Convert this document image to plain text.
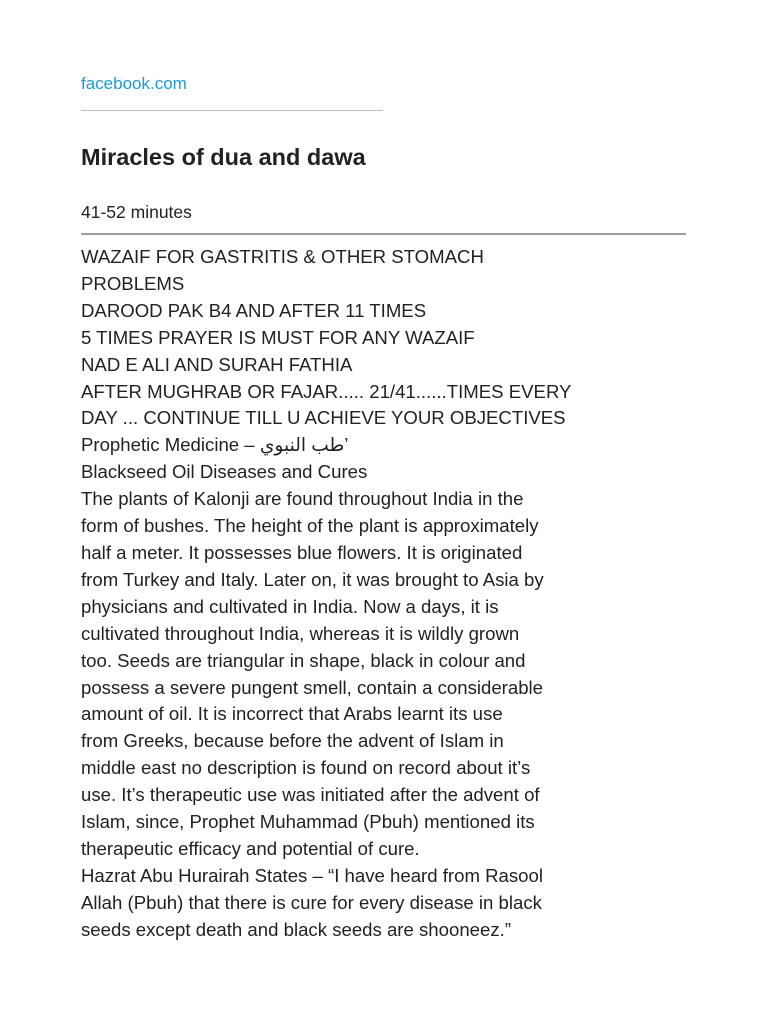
facebook.com
Miracles of dua and dawa
41-52 minutes
WAZAIF FOR GASTRITIS & OTHER STOMACH
PROBLEMS
DAROOD PAK B4 AND AFTER 11 TIMES
5 TIMES PRAYER IS MUST FOR ANY WAZAIF
NAD E ALI AND SURAH FATHIA
AFTER MUGHRAB OR FAJAR..... 21/41......TIMES EVERY
DAY ... CONTINUE TILL U ACHIEVE YOUR OBJECTIVES
Prophetic Medicine – طب النبوي’
Blackseed Oil Diseases and Cures
The plants of Kalonji are found throughout India in the
form of bushes. The height of the plant is approximately
half a meter. It possesses blue flowers. It is originated
from Turkey and Italy. Later on, it was brought to Asia by
physicians and cultivated in India. Now a days, it is
cultivated throughout India, whereas it is wildly grown
too. Seeds are triangular in shape, black in colour and
possess a severe pungent smell, contain a considerable
amount of oil. It is incorrect that Arabs learnt its use
from Greeks, because before the advent of Islam in
middle east no description is found on record about it’s
use. It’s therapeutic use was initiated after the advent of
Islam, since, Prophet Muhammad (Pbuh) mentioned its
therapeutic efficacy and potential of cure.
Hazrat Abu Hurairah States – “I have heard from Rasool
Allah (Pbuh) that there is cure for every disease in black
seeds except death and black seeds are shooneez.”
